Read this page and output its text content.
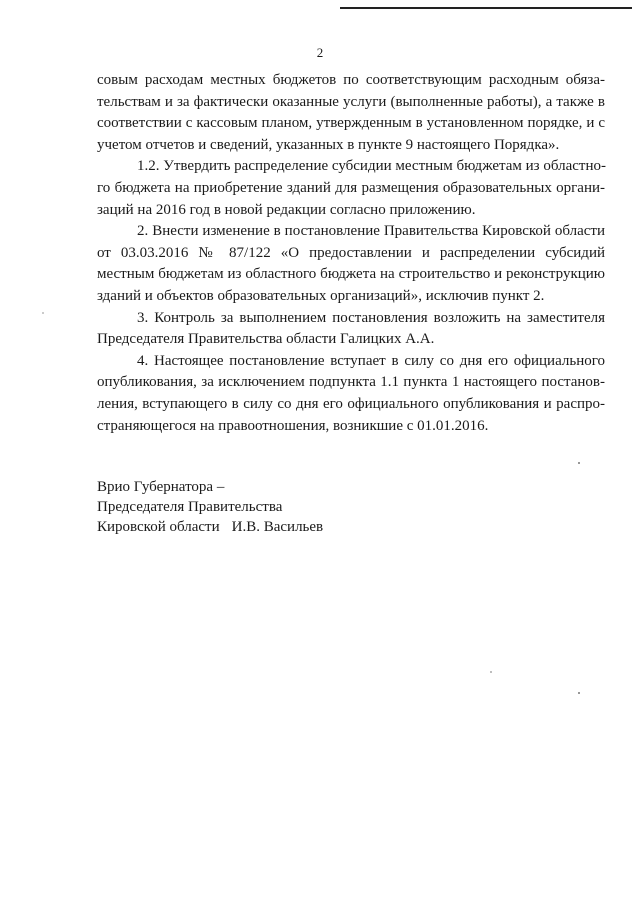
2
совым расходам местных бюджетов по соответствующим расходным обяза-
тельствам и за фактически оказанные услуги (выполненные работы), а также в
соответствии с кассовым планом, утвержденным в установленном порядке, и с
учетом отчетов и сведений, указанных в пункте 9 настоящего Порядка».
1.2. Утвердить распределение субсидии местным бюджетам из областно-
го бюджета на приобретение зданий для размещения образовательных органи-
заций на 2016 год в новой редакции согласно приложению.
2. Внести изменение в постановление Правительства Кировской области
от 03.03.2016 № 87/122 «О предоставлении и распределении субсидий
местным бюджетам из областного бюджета на строительство и реконструкцию
зданий и объектов образовательных организаций», исключив пункт 2.
3. Контроль за выполнением постановления возложить на заместителя
Председателя Правительства области Галицких А.А.
4. Настоящее постановление вступает в силу со дня его официального
опубликования, за исключением подпункта 1.1 пункта 1 настоящего постанов-
ления, вступающего в силу со дня его официального опубликования и распро-
страняющегося на правоотношения, возникшие с 01.01.2016.
Врио Губернатора –
Председателя Правительства
Кировской области И.В. Васильев
